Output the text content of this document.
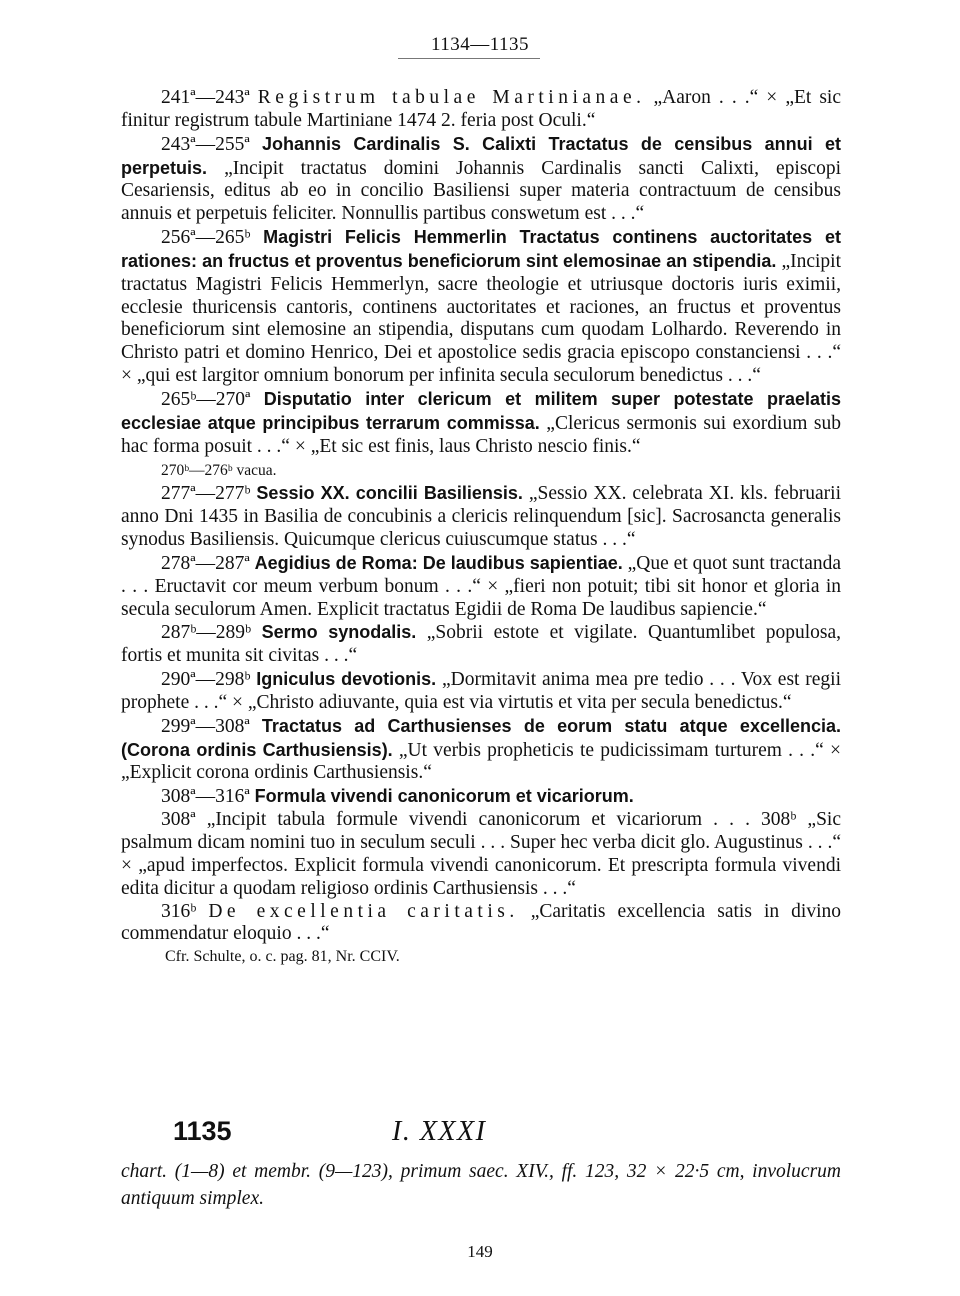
1134—1135

241ª—243ª Registrum tabulae Martinianae. „Aaron . . .“ × „Et sic finitur registrum tabule Martiniane 1474 2. feria post Oculi.“

243ª—255ª Johannis Cardinalis S. Calixti Tractatus de censibus annui et perpetuis. „Incipit tractatus domini Johannis Cardinalis sancti Calixti, episcopi Cesariensis, editus ab eo in concilio Basiliensi super materia contractuum de censibus annuis et perpetuis feliciter. Nonnullis partibus conswetum est . . .“

256ª—265ᵇ Magistri Felicis Hemmerlin Tractatus continens auctoritates et rationes: an fructus et proventus beneficiorum sint elemosinae an stipendia. „Incipit tractatus Magistri Felicis Hemmerlyn, sacre theologie et utriusque doctoris iuris eximii, ecclesie thuricensis cantoris, continens auctoritates et raciones, an fructus et proventus beneficiorum sint elemosine an stipendia, disputans cum quodam Lolhardo. Reverendo in Christo patri et domino Henrico, Dei et apostolice sedis gracia episcopo constanciensi . . .“ × „qui est largitor omnium bonorum per infinita secula seculorum benedictus . . .“

265ᵇ—270ª Disputatio inter clericum et militem super potestate praelatis ecclesiae atque principibus terrarum commissa. „Clericus sermonis sui exordium sub hac forma posuit . . .“ × „Et sic est finis, laus Christo nescio finis.“

270ᵇ—276ᵇ vacua.

277ª—277ᵇ Sessio XX. concilii Basiliensis. „Sessio XX. celebrata XI. kls. februarii anno Dni 1435 in Basilia de concubinis a clericis relinquendum [sic]. Sacrosancta generalis synodus Basiliensis. Quicumque clericus cuiuscumque status . . .“

278ª—287ª Aegidius de Roma: De laudibus sapientiae. „Que et quot sunt tractanda . . . Eructavit cor meum verbum bonum . . .“ × „fieri non potuit; tibi sit honor et gloria in secula seculorum Amen. Explicit tractatus Egidii de Roma De laudibus sapiencie.“

287ᵇ—289ᵇ Sermo synodalis. „Sobrii estote et vigilate. Quantumlibet populosa, fortis et munita sit civitas . . .“

290ª—298ᵇ Igniculus devotionis. „Dormitavit anima mea pre tedio . . . Vox est regii prophete . . .“ × „Christo adiuvante, quia est via virtutis et vita per secula benedictus.“

299ª—308ª Tractatus ad Carthusienses de eorum statu atque excellencia. (Corona ordinis Carthusiensis). „Ut verbis propheticis te pudicissimam turturem . . .“ × „Explicit corona ordinis Carthusiensis.“

308ª—316ª Formula vivendi canonicorum et vicariorum.

308ª „Incipit tabula formule vivendi canonicorum et vicariorum . . . 308ᵇ „Sic psalmum dicam nomini tuo in seculum seculi . . . Super hec verba dicit glo. Augustinus . . .“ × „apud imperfectos. Explicit formula vivendi canonicorum. Et prescripta formula vivendi edita dicitur a quodam religioso ordinis Carthusiensis . . .“

316ᵇ De excellentia caritatis. „Caritatis excellencia satis in divino commendatur eloquio . . .“

Cfr. Schulte, o. c. pag. 81, Nr. CCIV.

1135	I. XXXI
chart. (1—8) et membr. (9—123), primum saec. XIV., ff. 123, 32 × 22·5 cm, involucrum antiquum simplex.
149
